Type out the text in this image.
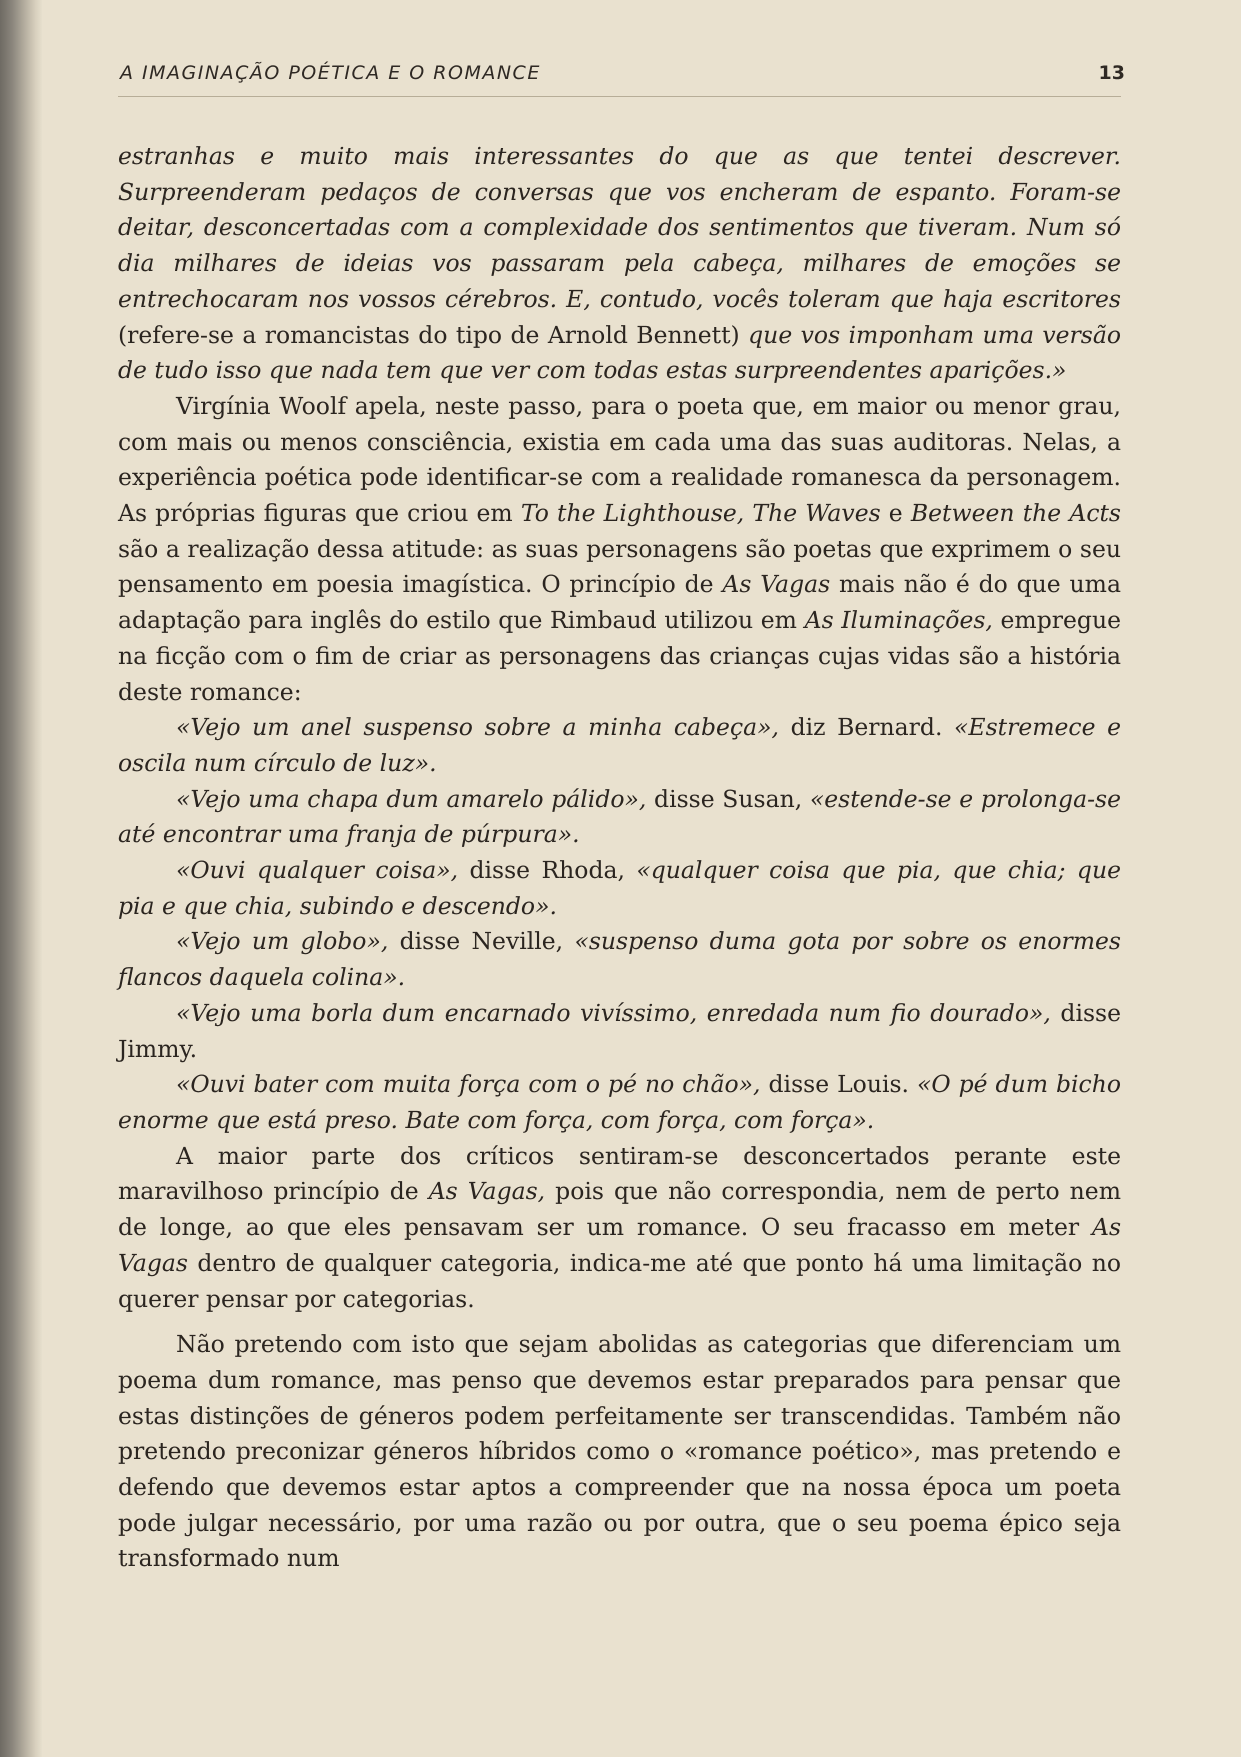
A IMAGINAÇÃO POÉTICA E O ROMANCE	13

estranhas e muito mais interessantes do que as que tentei descrever. Surpreenderam pedaços de conversas que vos encheram de espanto. Foram-se deitar, desconcertadas com a complexidade dos sentimentos que tiveram. Num só dia milhares de ideias vos passaram pela cabeça, milhares de emoções se entrechocaram nos vossos cérebros. E, contudo, vocês toleram que haja escritores (refere-se a romancistas do tipo de Arnold Bennett) que vos imponham uma versão de tudo isso que nada tem que ver com todas estas surpreendentes aparições.»

Virgínia Woolf apela, neste passo, para o poeta que, em maior ou menor grau, com mais ou menos consciência, existia em cada uma das suas auditoras. Nelas, a experiência poética pode identificar-se com a realidade romanesca da personagem. As próprias figuras que criou em To the Lighthouse, The Waves e Between the Acts são a realização dessa atitude: as suas personagens são poetas que exprimem o seu pensamento em poesia imagística. O princípio de As Vagas mais não é do que uma adaptação para inglês do estilo que Rimbaud utilizou em As Iluminações, empregue na ficção com o fim de criar as personagens das crianças cujas vidas são a história deste romance:

«Vejo um anel suspenso sobre a minha cabeça», diz Bernard. «Estremece e oscila num círculo de luz».

«Vejo uma chapa dum amarelo pálido», disse Susan, «estende-se e prolonga-se até encontrar uma franja de púrpura».

«Ouvi qualquer coisa», disse Rhoda, «qualquer coisa que pia, que chia; que pia e que chia, subindo e descendo».

«Vejo um globo», disse Neville, «suspenso duma gota por sobre os enormes flancos daquela colina».

«Vejo uma borla dum encarnado vivíssimo, enredada num fio dourado», disse Jimmy.

«Ouvi bater com muita força com o pé no chão», disse Louis. «O pé dum bicho enorme que está preso. Bate com força, com força, com força».

A maior parte dos críticos sentiram-se desconcertados perante este maravilhoso princípio de As Vagas, pois que não correspondia, nem de perto nem de longe, ao que eles pensavam ser um romance. O seu fracasso em meter As Vagas dentro de qualquer categoria, indica-me até que ponto há uma limitação no querer pensar por categorias.

Não pretendo com isto que sejam abolidas as categorias que diferenciam um poema dum romance, mas penso que devemos estar preparados para pensar que estas distinções de géneros podem perfeitamente ser transcendidas. Também não pretendo preconizar géneros híbridos como o «romance poético», mas pretendo e defendo que devemos estar aptos a compreender que na nossa época um poeta pode julgar necessário, por uma razão ou por outra, que o seu poema épico seja transformado num
